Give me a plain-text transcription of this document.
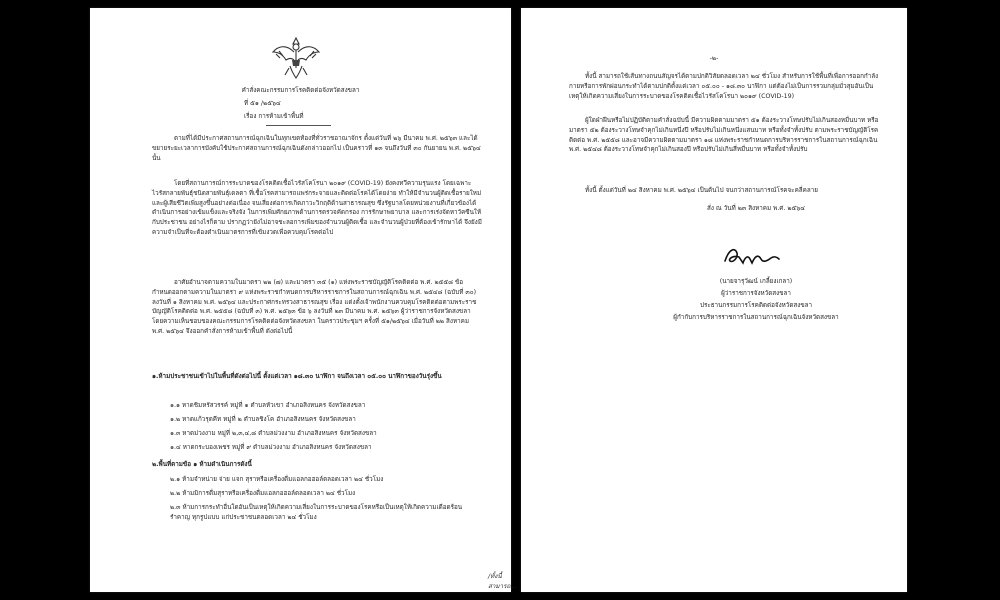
คำสั่งคณะกรรมการโรคติดต่อจังหวัดสงขลา

ที่ ๕๑ /๒๕๖๔

เรื่อง การห้ามเข้าพื้นที่

ตามที่ได้มีประกาศสถานการณ์ฉุกเฉินในทุกเขตท้องที่ทั่วราชอาณาจักร ตั้งแต่วันที่ ๒๖ มีนาคม พ.ศ. ๒๕๖๓ และได้ขยายระยะเวลาการบังคับใช้ประกาศสถานการณ์ฉุกเฉินดังกล่าวออกไป เป็นคราวที่ ๑๓ จนถึงวันที่ ๓๐ กันยายน พ.ศ. ๒๕๖๔ นั้น

โดยที่สถานการณ์การระบาดของโรคติดเชื้อไวรัสโคโรนา ๒๐๑๙ (COVID-19) ยังคงทวีความรุนแรง โดยเฉพาะไวรัสกลายพันธุ์ชนิดสายพันธุ์เดลตา ที่เชื้อโรคสามารถแพร่กระจายและติดต่อโรคได้โดยง่าย ทำให้มีจำนวนผู้ติดเชื้อรายใหม่และผู้เสียชีวิตเพิ่มสูงขึ้นอย่างต่อเนื่อง จนเสี่ยงต่อการเกิดภาวะวิกฤติด้านสาธารณสุข ซึ่งรัฐบาลโดยหน่วยงานที่เกี่ยวข้องได้ดำเนินการอย่างเข้มแข็งและจริงจัง ในการเพิ่มศักยภาพด้านการตรวจคัดกรอง การรักษาพยาบาล และการเร่งจัดหาวัคซีนให้กับประชาชน อย่างไรก็ตาม ปรากฏว่ายังไม่อาจชะลอการเพิ่มของจำนวนผู้ติดเชื้อ และจำนวนผู้ป่วยที่ต้องเข้ารักษาได้ จึงยังมีความจำเป็นที่จะต้องดำเนินมาตรการที่เข้มงวดเพื่อควบคุมโรคต่อไป

อาศัยอำนาจตามความในมาตรา ๒๒ (๗) และมาตรา ๓๕ (๑) แห่งพระราชบัญญัติโรคติดต่อ พ.ศ. ๒๕๕๘ ข้อกำหนดออกตามความในมาตรา ๙ แห่งพระราชกำหนดการบริหารราชการในสถานการณ์ฉุกเฉิน พ.ศ. ๒๕๔๘ (ฉบับที่ ๓๐) ลงวันที่ ๑ สิงหาคม พ.ศ. ๒๕๖๔ และประกาศกระทรวงสาธารณสุข เรื่อง แต่งตั้งเจ้าพนักงานควบคุมโรคติดต่อตามพระราชบัญญัติโรคติดต่อ พ.ศ. ๒๕๕๘ (ฉบับที่ ๓) พ.ศ. ๒๕๖๓ ข้อ ๖ ลงวันที่ ๒๓ มีนาคม พ.ศ. ๒๕๖๓ ผู้ว่าราชการจังหวัดสงขลา โดยความเห็นชอบของคณะกรรมการโรคติดต่อจังหวัดสงขลา ในคราวประชุมฯ ครั้งที่ ๕๑/๒๕๖๔ เมื่อวันที่ ๒๒ สิงหาคม พ.ศ. ๒๕๖๔ จึงออกคำสั่งการห้ามเข้าพื้นที่ ดังต่อไปนี้

๑.ห้ามประชาชนเข้าไปในพื้นที่ดังต่อไปนี้ ตั้งแต่เวลา ๑๘.๓๐ นาฬิกา จนถึงเวลา ๐๕.๐๐ นาฬิกาของวันรุ่งขึ้น

๑.๑ หาดชิมหรัสวรรค์ หมู่ที่ ๑ ตำบลหัวเขา อำเภอสิงหนคร จังหวัดสงขลา

๑.๒ หาดแก้วรุดคีท หมู่ที่ ๒ ตำบลชิงโค อำเภอสิงหนคร จังหวัดสงขลา

๑.๓ หาดม่วงงาม หมู่ที่ ๒,๓,๔,๘ ตำบลม่วงงาม อำเภอสิงหนคร จังหวัดสงขลา

๑.๔ หาดกระบองเพชร หมู่ที่ ๙ ตำบลม่วงงาม อำเภอสิงหนคร จังหวัดสงขลา

๒.พื้นที่ตามข้อ ๑ ห้ามดำเนินการดังนี้

๒.๑ ห้ามจำหน่าย จ่าย แจก สุราหรือเครื่องดื่มแอลกอฮอล์ตลอดเวลา ๒๔ ชั่วโมง

๒.๒ ห้ามมิการดื่มสุราหรือเครื่องดื่มแอลกอฮอล์ตลอดเวลา ๒๔ ชั่วโมง

๒.๓ ห้ามการกระทำอื่นใดอันเป็นเหตุให้เกิดความเสี่ยงในการระบาดของโรคหรือเป็นเหตุให้เกิดความเดือดร้อน รำคาญ ทุกรูปแบบ แก่ประชาชนตลอดเวลา ๒๔ ชั่วโมง

/ทั้งนี้สามารถ...

-๒-

ทั้งนี้ สามารถใช้เส้นทางถนนสัญจรได้ตามปกติวิสัยตลอดเวลา ๒๔ ชั่วโมง สำหรับการใช้พื้นที่เพื่อการออกกำลังกายหรือการพักผ่อนกระทำได้ตามปกติตั้งแต่เวลา ๐๕.๐๐ - ๑๘.๓๐ นาฬิกา แต่ต้องไม่เป็นการรวมกลุ่มมั่วสุมอันเป็นเหตุให้เกิดความเสี่ยงในการระบาดของโรคติดเชื้อไวรัสโคโรนา ๒๐๑๙ (COVID-19)

ผู้ใดฝ่าฝืนหรือไม่ปฏิบัติตามคำสั่งฉบับนี้ มีความผิดตามมาตรา ๕๑ ต้องระวางโทษปรับไม่เกินสองหมื่นบาท หรือมาตรา ๕๒ ต้องระวางโทษจำคุกไม่เกินหนึ่งปี หรือปรับไม่เกินหนึ่งแสนบาท หรือทั้งจำทั้งปรับ ตามพระราชบัญญัติโรคติดต่อ พ.ศ. ๒๕๕๘ และอาจมีความผิดตามมาตรา ๑๘ แห่งพระราชกำหนดการบริหารราชการในสถานการณ์ฉุกเฉิน พ.ศ. ๒๕๔๘ ต้องระวางโทษจำคุกไม่เกินสองปี หรือปรับไม่เกินสี่หมื่นบาท หรือทั้งจำทั้งปรับ

ทั้งนี้ ตั้งแต่วันที่ ๒๔ สิงหาคม พ.ศ. ๒๕๖๔ เป็นต้นไป จนกว่าสถานการณ์โรคจะคลี่คลาย

สั่ง ณ วันที่ ๒๓ สิงหาคม พ.ศ. ๒๕๖๔

(นายจารุวัฒน์ เกลี้ยงเกลา)

ผู้ว่าราชการจังหวัดสงขลา

ประธานกรรมการโรคติดต่อจังหวัดสงขลา

ผู้กำกับการบริหารราชการในสถานการณ์ฉุกเฉินจังหวัดสงขลา
